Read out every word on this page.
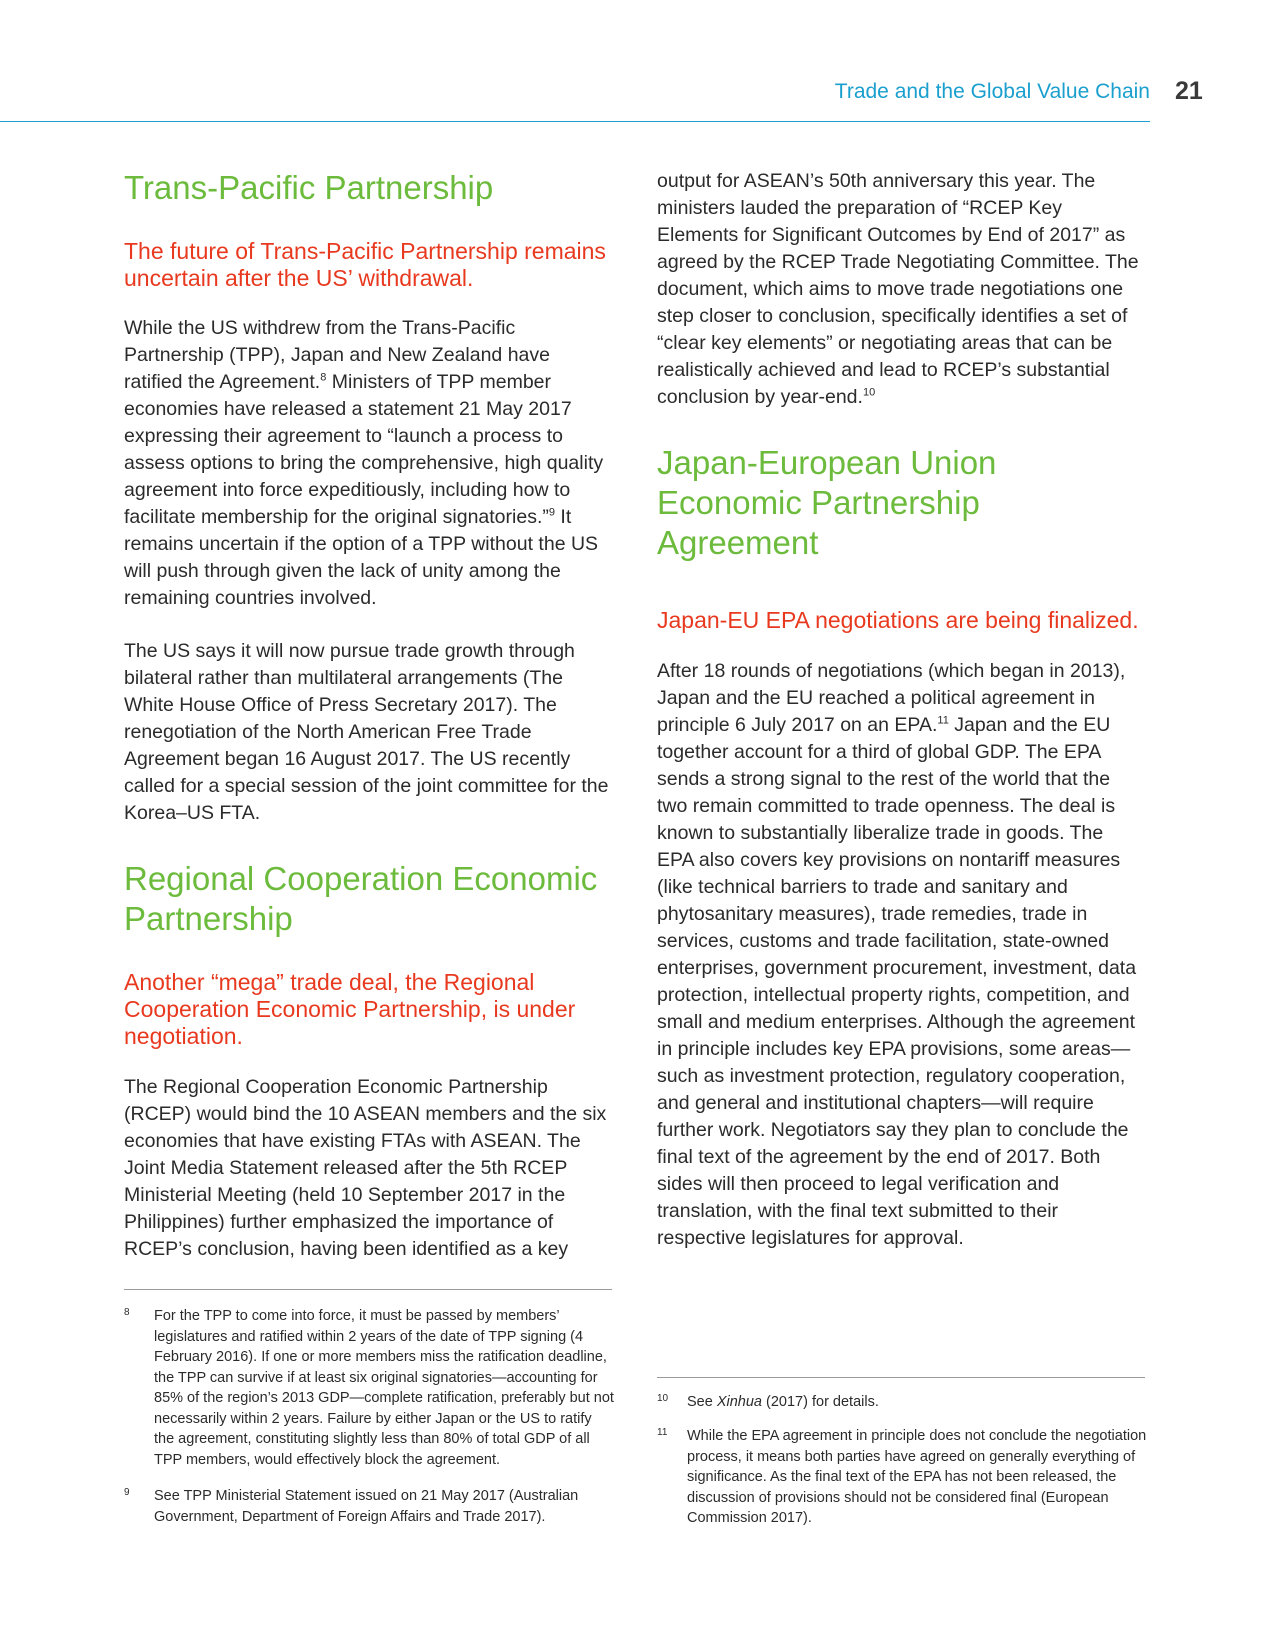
Trade and the Global Value Chain 21
Trans-Pacific Partnership
The future of Trans-Pacific Partnership remains uncertain after the US’ withdrawal.

While the US withdrew from the Trans-Pacific Partnership (TPP), Japan and New Zealand have ratified the Agreement.$^8$ Ministers of TPP member economies have released a statement 21 May 2017 expressing their agreement to “launch a process to assess options to bring the comprehensive, high quality agreement into force expeditiously, including how to facilitate membership for the original signatories.”$^9$ It remains uncertain if the option of a TPP without the US will push through given the lack of unity among the remaining countries involved.

The US says it will now pursue trade growth through bilateral rather than multilateral arrangements (The White House Office of Press Secretary 2017). The renegotiation of the North American Free Trade Agreement began 16 August 2017. The US recently called for a special session of the joint committee for the Korea–US FTA.

Regional Cooperation Economic Partnership
Another “mega” trade deal, the Regional Cooperation Economic Partnership, is under negotiation.

The Regional Cooperation Economic Partnership (RCEP) would bind the 10 ASEAN members and the six economies that have existing FTAs with ASEAN. The Joint Media Statement released after the 5th RCEP Ministerial Meeting (held 10 September 2017 in the Philippines) further emphasized the importance of RCEP’s conclusion, having been identified as a key

output for ASEAN’s 50th anniversary this year. The ministers lauded the preparation of “RCEP Key Elements for Significant Outcomes by End of 2017” as agreed by the RCEP Trade Negotiating Committee. The document, which aims to move trade negotiations one step closer to conclusion, specifically identifies a set of “clear key elements” or negotiating areas that can be realistically achieved and lead to RCEP’s substantial conclusion by year-end.$^{10}$

Japan-European Union Economic Partnership Agreement
Japan-EU EPA negotiations are being finalized.

After 18 rounds of negotiations (which began in 2013), Japan and the EU reached a political agreement in principle 6 July 2017 on an EPA.$^{11}$ Japan and the EU together account for a third of global GDP. The EPA sends a strong signal to the rest of the world that the two remain committed to trade openness. The deal is known to substantially liberalize trade in goods. The EPA also covers key provisions on nontariff measures (like technical barriers to trade and sanitary and phytosanitary measures), trade remedies, trade in services, customs and trade facilitation, state-owned enterprises, government procurement, investment, data protection, intellectual property rights, competition, and small and medium enterprises. Although the agreement in principle includes key EPA provisions, some areas—such as investment protection, regulatory cooperation, and general and institutional chapters—will require further work. Negotiators say they plan to conclude the final text of the agreement by the end of 2017. Both sides will then proceed to legal verification and translation, with the final text submitted to their respective legislatures for approval.

8 For the TPP to come into force, it must be passed by members’ legislatures and ratified within 2 years of the date of TPP signing (4 February 2016). If one or more members miss the ratification deadline, the TPP can survive if at least six original signatories—accounting for 85% of the region’s 2013 GDP—complete ratification, preferably but not necessarily within 2 years. Failure by either Japan or the US to ratify the agreement, constituting slightly less than 80% of total GDP of all TPP members, would effectively block the agreement.
9 See TPP Ministerial Statement issued on 21 May 2017 (Australian Government, Department of Foreign Affairs and Trade 2017).
10 See Xinhua (2017) for details.
11 While the EPA agreement in principle does not conclude the negotiation process, it means both parties have agreed on generally everything of significance. As the final text of the EPA has not been released, the discussion of provisions should not be considered final (European Commission 2017).
